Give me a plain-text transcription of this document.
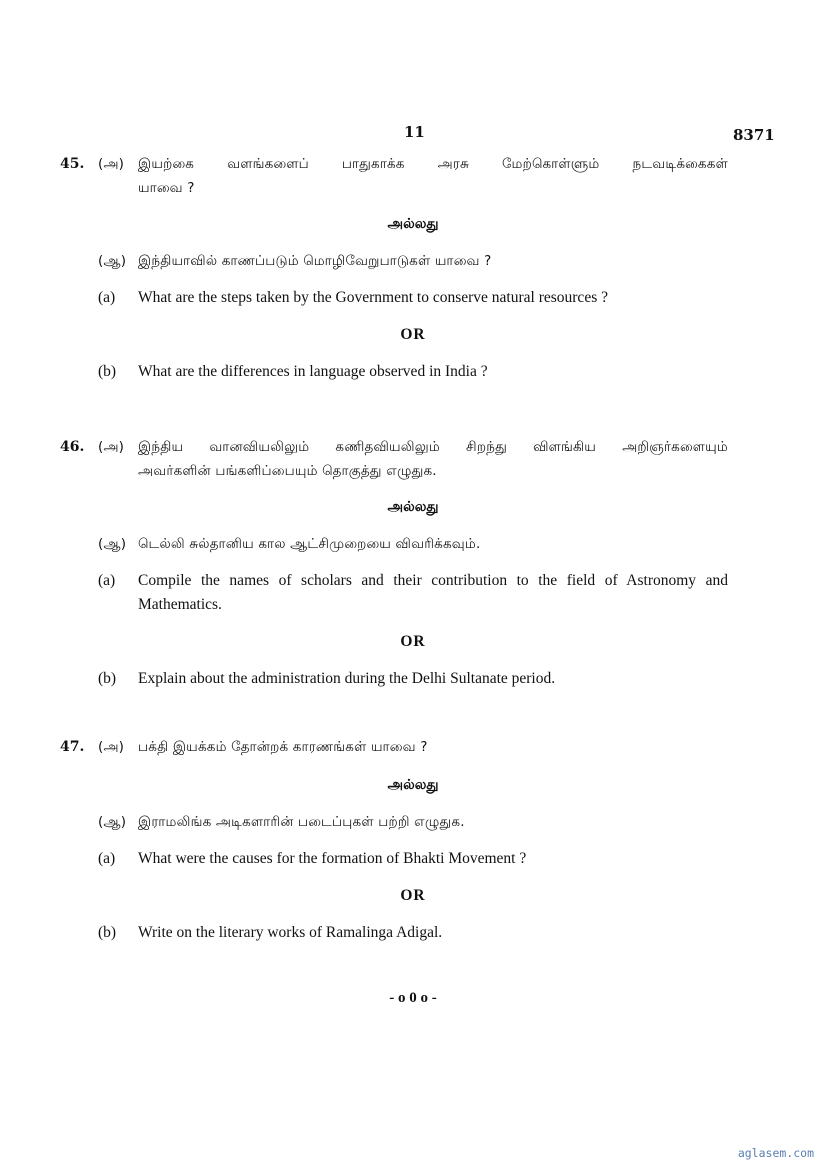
11	8371
45. (அ) இயற்கை வளங்களைப் பாதுகாக்க அரசு மேற்கொள்ளும் நடவடிக்கைகள்
யாவை ?
அல்லது
(ஆ) இந்தியாவில் காணப்படும் மொழிவேறுபாடுகள் யாவை ?
(a) What are the steps taken by the Government to conserve natural resources ?
OR
(b) What are the differences in language observed in India ?
46. (அ) இந்திய வானவியலிலும் கணிதவியலிலும் சிறந்து விளங்கிய அறிஞர்களையும்
அவர்களின் பங்களிப்பையும் தொகுத்து எழுதுக.
அல்லது
(ஆ) டெல்லி சுல்தானிய கால ஆட்சிமுறையை விவரிக்கவும்.
(a) Compile the names of scholars and their contribution to the field of Astronomy and
Mathematics.
OR
(b) Explain about the administration during the Delhi Sultanate period.
47. (அ) பக்தி இயக்கம் தோன்றக் காரணங்கள் யாவை ?
அல்லது
(ஆ) இராமலிங்க அடிகளாரின் படைப்புகள் பற்றி எழுதுக.
(a) What were the causes for the formation of Bhakti Movement ?
OR
(b) Write on the literary works of Ramalinga Adigal.
- o 0 o -
aglasem.com
